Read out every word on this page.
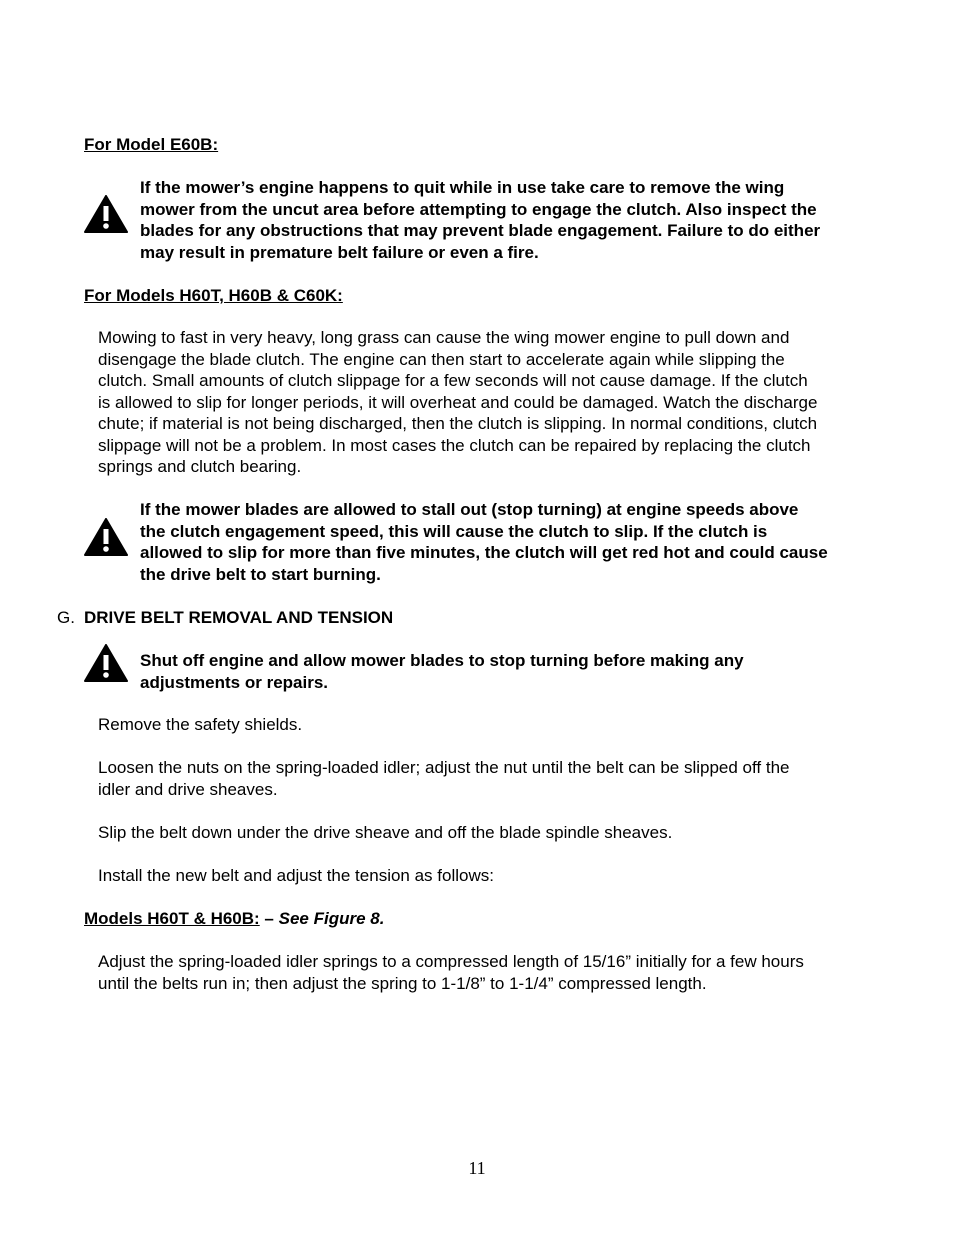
For Model E60B:
If the mower’s engine happens to quit while in use take care to remove the wing
mower from the uncut area before attempting to engage the clutch. Also inspect the
blades for any obstructions that may prevent blade engagement. Failure to do either
may result in premature belt failure or even a fire.
For Models H60T, H60B & C60K:
Mowing to fast in very heavy, long grass can cause the wing mower engine to pull down and
disengage the blade clutch. The engine can then start to accelerate again while slipping the
clutch. Small amounts of clutch slippage for a few seconds will not cause damage. If the clutch
is allowed to slip for longer periods, it will overheat and could be damaged. Watch the discharge
chute; if material is not being discharged, then the clutch is slipping. In normal conditions, clutch
slippage will not be a problem. In most cases the clutch can be repaired by replacing the clutch
springs and clutch bearing.
If the mower blades are allowed to stall out (stop turning) at engine speeds above
the clutch engagement speed, this will cause the clutch to slip. If the clutch is
allowed to slip for more than five minutes, the clutch will get red hot and could cause
the drive belt to start burning.
G. DRIVE BELT REMOVAL AND TENSION
Shut off engine and allow mower blades to stop turning before making any
adjustments or repairs.
Remove the safety shields.
Loosen the nuts on the spring-loaded idler; adjust the nut until the belt can be slipped off the
idler and drive sheaves.
Slip the belt down under the drive sheave and off the blade spindle sheaves.
Install the new belt and adjust the tension as follows:
Models H60T & H60B: – See Figure 8.
Adjust the spring-loaded idler springs to a compressed length of 15/16” initially for a few hours
until the belts run in; then adjust the spring to 1-1/8” to 1-1/4” compressed length.
11
